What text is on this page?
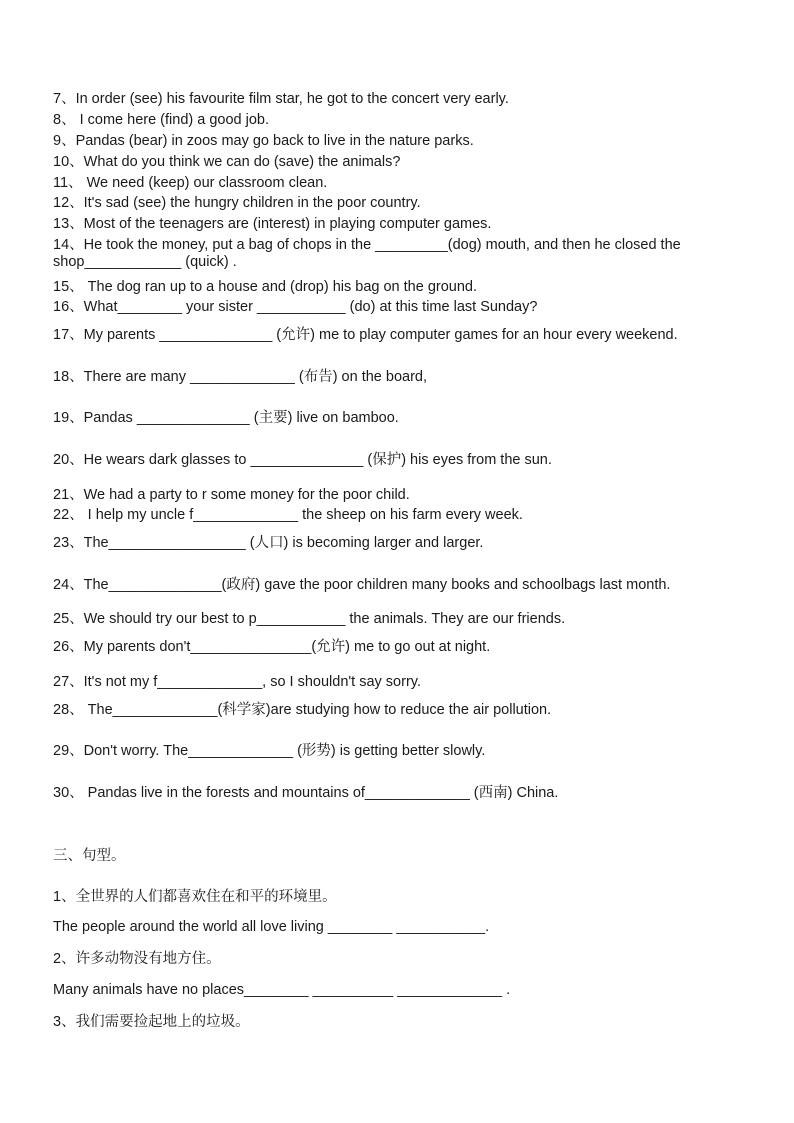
7、In order (see) his favourite film star, he got to the concert very early.
8、 I come here (find) a good job.
9、Pandas (bear) in zoos may go back to live in the nature parks.
10、What do you think we can do (save) the animals?
11、 We need (keep) our classroom clean.
12、It's sad (see) the hungry children in the poor country.
13、Most of the teenagers are (interest) in playing computer games.
14、He took the money, put a bag of chops in the _________(dog) mouth, and then he closed the shop____________ (quick) .
15、 The dog ran up to a house and (drop) his bag on the ground.
16、What________ your sister ___________ (do) at this time last Sunday?
17、My parents ______________ (允许) me to play computer games for an hour every weekend.
18、There are many _____________ (布告) on the board,
19、Pandas ______________ (主要) live on bamboo.
20、He wears dark glasses to ______________ (保护) his eyes from the sun.
21、We had a party to r some money for the poor child.
22、 I help my uncle f_____________ the sheep on his farm every week.
23、The_________________ (人口) is becoming larger and larger.
24、The______________(政府) gave the poor children many books and schoolbags last month.
25、We should try our best to p___________ the animals. They are our friends.
26、My parents don't_______________(允许) me to go out at night.
27、It's not my f_____________, so I shouldn't say sorry.
28、 The_____________(科学家)are studying how to reduce the air pollution.
29、Don't worry. The_____________ (形势) is getting better slowly.
30、 Pandas live in the forests and mountains of_____________ (西南) China.
三、句型。
1、全世界的人们都喜欢住在和平的环境里。
The people around the world all love living ________ ___________.
2、许多动物没有地方住。
Many animals have no places________ __________ _____________ .
3、我们需要捡起地上的垃圾。
